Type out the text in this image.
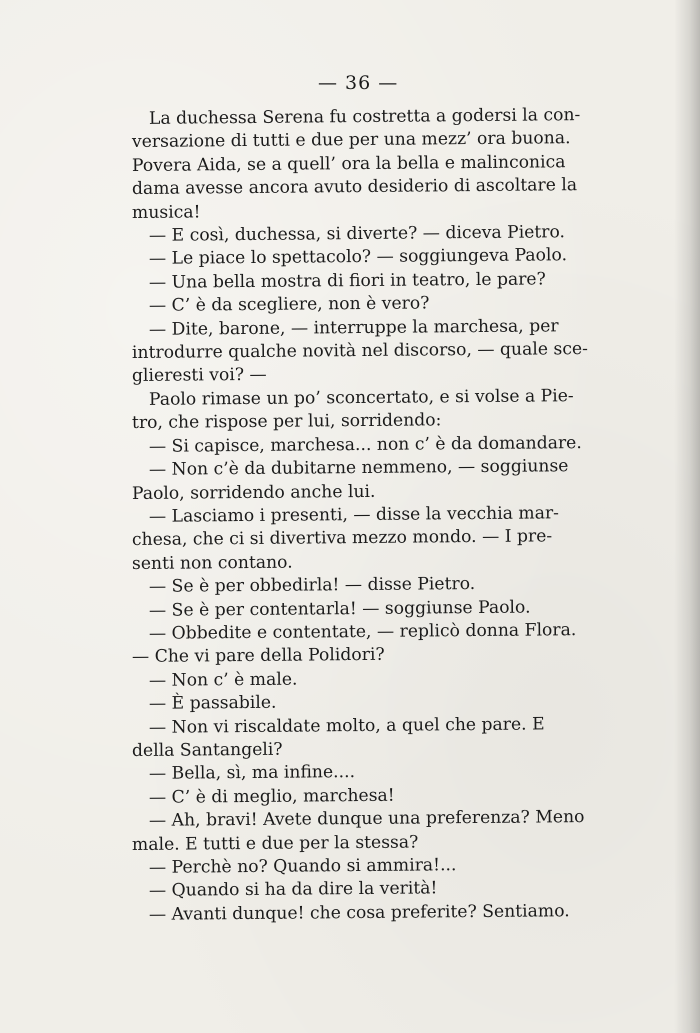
— 36 —
La duchessa Serena fu costretta a godersi la con-
versazione di tutti e due per una mezz’ ora buona.
Povera Aida, se a quell’ ora la bella e malinconica
dama avesse ancora avuto desiderio di ascoltare la
musica!
— E così, duchessa, si diverte? — diceva Pietro.
— Le piace lo spettacolo? — soggiungeva Paolo.
— Una bella mostra di fiori in teatro, le pare?
— C’ è da scegliere, non è vero?
— Dite, barone, — interruppe la marchesa, per
introdurre qualche novità nel discorso, — quale sce-
glieresti voi? —
Paolo rimase un po’ sconcertato, e si volse a Pie-
tro, che rispose per lui, sorridendo:
— Si capisce, marchesa... non c’ è da domandare.
— Non c’è da dubitarne nemmeno, — soggiunse
Paolo, sorridendo anche lui.
— Lasciamo i presenti, — disse la vecchia mar-
chesa, che ci si divertiva mezzo mondo. — I pre-
senti non contano.
— Se è per obbedirla! — disse Pietro.
— Se è per contentarla! — soggiunse Paolo.
— Obbedite e contentate, — replicò donna Flora.
— Che vi pare della Polidori?
— Non c’ è male.
— È passabile.
— Non vi riscaldate molto, a quel che pare. E
della Santangeli?
— Bella, sì, ma infine....
— C’ è di meglio, marchesa!
— Ah, bravi! Avete dunque una preferenza? Meno
male. E tutti e due per la stessa?
— Perchè no? Quando si ammira!...
— Quando si ha da dire la verità!
— Avanti dunque! che cosa preferite? Sentiamo.
